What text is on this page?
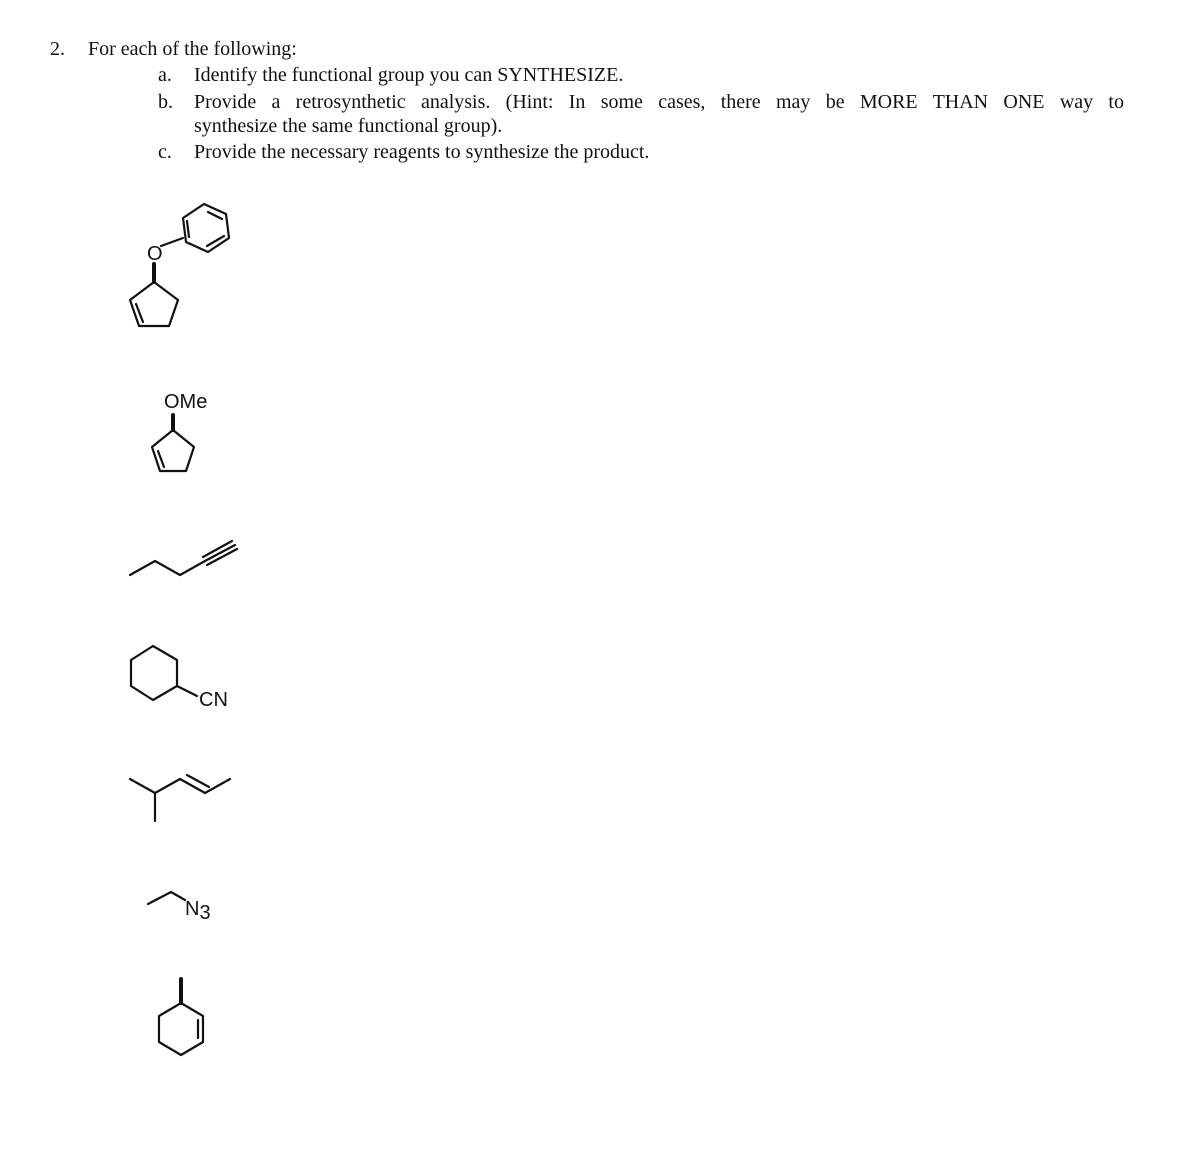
2. For each of the following:
a. Identify the functional group you can SYNTHESIZE.
b. Provide a retrosynthetic analysis. (Hint: In some cases, there may be MORE THAN ONE way to
synthesize the same functional group).
c. Provide the necessary reagents to synthesize the product.
O
OMe
CN
N3
